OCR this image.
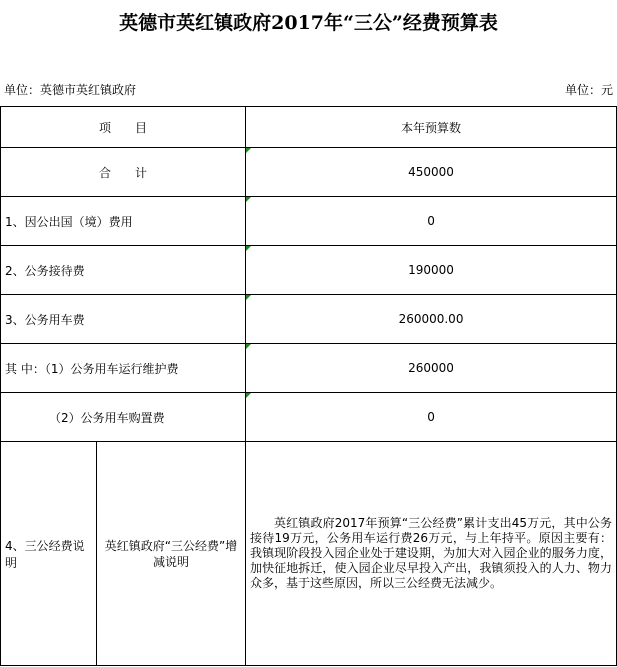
英德市英红镇政府2017年“三公”经费预算表
单位：英德市英红镇政府	单位：元
项　　目		本年预算数
合　　计		450000
1、因公出国（境）费用		0
2、公务接待费		190000
3、公务用车费		260000.00
其 中：（1）公务用车运行维护费		260000
（2）公务用车购置费		0
4、三公经费说明	英红镇政府“三公经费”增减说明	英红镇政府2017年预算“三公经费”累计支出45万元，其中公务接待19万元，公务用车运行费26万元，与上年持平。原因主要有：我镇现阶段投入园企业处于建设期，为加大对入园企业的服务力度，加快征地拆迁，使入园企业尽早投入产出，我镇须投入的人力、物力众多，基于这些原因，所以三公经费无法减少。
